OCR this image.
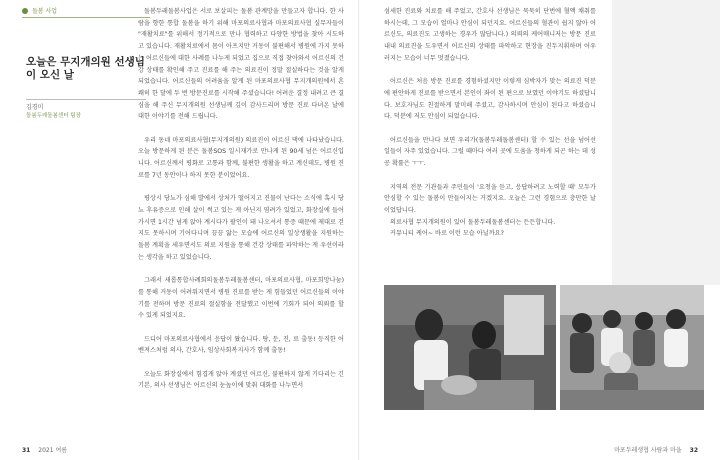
돌봄 사업
오늘은 무지개의원 선생님이 오신 날
김경미
돌봄두레돌봄센터 팀장

돌봄두레돌봄사업은 서로 보살피는 돌봄 관계망을 만들고자 합니다. 한 사람을 향한 통합 돌봄을 하기 위해 마포의료사협과 마포의료사협 실무자들이 "재활치료"를 위해서 정기적으로 만나 협력하고 다양한 방법을 찾아 시도하고 있습니다. 재활치료에서 몸이 아프지만 거동이 불편해서 병원에 가지 못하는 어르신들에 대한 사례를 나누게 되었고 집으로 직접 찾아와서 어르신의 건강 상태를 확인해 주고 진료를 해 주는 의료진이 정말 절실하다는 것을 알게 되었습니다. 어르신들의 어려움을 알게 된 마포의료사협 무지개의원에서 흔쾌히 한 달에 두 번 방문진료를 시작해 주셨습니다! 어려운 결정 내려고 큰 결심을 해 주신 무지개의원 선생님께 깊이 감사드리며 방문 진료 다녀온 날에 대한 이야기를 전해 드립니다.

우리 동네 마포의료사협(무지개의원) 의료진이 어르신 댁에 나타났습니다. 오늘 방문하게 된 분은 돌봄SOS 일시재가로 만나게 된 90세 넘은 어르신입니다. 어르신께서 평화로 고통과 함께, 불편한 생활을 하고 계신데도, 병원 진료를 7년 동안이나 하지 못한 분이었어요.

평상시 당뇨가 심해 발에서 상처가 떨어지고 진물이 난다는 소식에 혹시 당뇨 후유증으로 인해 살이 썩고 있는 게 아닌지 염려가 있었고, 화장실에 들어가시면 1시간 넘게 앉아 계시다가 팔인이 돼 나오셔서 통증 때문에 제대로 걷지도 못하시며 기어다니며 끙끙 앓는 모습에 어르신의 일상생활을 지원하는 돌봄 계획을 세우면서도 의료 지원을 통해 건강 상태를 파악하는 게 우선이라는 생각을 하고 있었습니다.

그래서 새롭통합사례회의돌봄두레돌봄센터, 마포의료사협, 마포희망나눔)를 통해 거동이 어려워지면서 병원 진료를 받는 게 힘들었던 어르신들의 이야기를 전하며 방문 진료의 절실함을 전달했고 이번에 기회가 되어 의뢰를 할 수 있게 되었지요.

드디어 마포의료사협에서 응답이 왔습니다. 탕, 둔, 진, 료 출동! 등직한 어벤져스처럼 의사, 간호사, 임상사회복지사가 함께 출동!

오늘도 화장실에서 힘겹게 앉아 계셨던 어르신, 불편하지 않게 기다리는 긴 기본, 의사 선생님은 어르신의 눈높이에 맞춰 대화를 나누면서

31 2021 여름

섬세한 진료와 치료를 해 주었고, 간호사 선생님은 묵묵히 단번에 혈액 채취를 하시는데, 그 모습이 얼마나 안심이 되던지요. 어르신들의 혈관이 쉽지 않아 어르신도, 의료진도 고생하는 경우가 많답니다.) 의뢰의 케어매니저는 방문 진료 내내 의료진을 도우면서 어르신의 상태를 파악하고 현장을 진두지휘하며 어우러지는 모습이 너무 멋졌습니다.

어르신은 처음 방문 진료를 경험하셨지만 이렇게 심박자가 맞는 의료진 덕분에 편안하게 진료를 받으면서 본인이 좌이 된 편으로 보였던 이야기도 하셨답니다. 보호자님도 친절하게 말미해 주셨고, 감사하시며 안심이 된다고 하셨습니다. 덕분에 저도 안심이 되었습니다.

어르신들을 만나다 보면 우리가(돌봄두레돌봄센터) 할 수 있는 선을 넘어선 일들이 자주 있었습니다. 그럴 때마다 여러 곳에 도움을 청하게 되곤 하는 데 성공 확률은 ㅜㅜ.

지역의 전문 기관들과 주민들이 '요청을 듣고, 응답하려고 노력할 때' 모두가 안심할 수 있는 돌봄이 만들어지는 거겠지요. 오늘은 그런 경험으로 충만한 날이었답니다.

의료사협 무지개의원이 있어 돌봄두레돌봄센터는 든든합니다.

커뮤니티 케어~ 바로 이런 모습 아닐까요?

마포두레생협 사람과 마을 32
